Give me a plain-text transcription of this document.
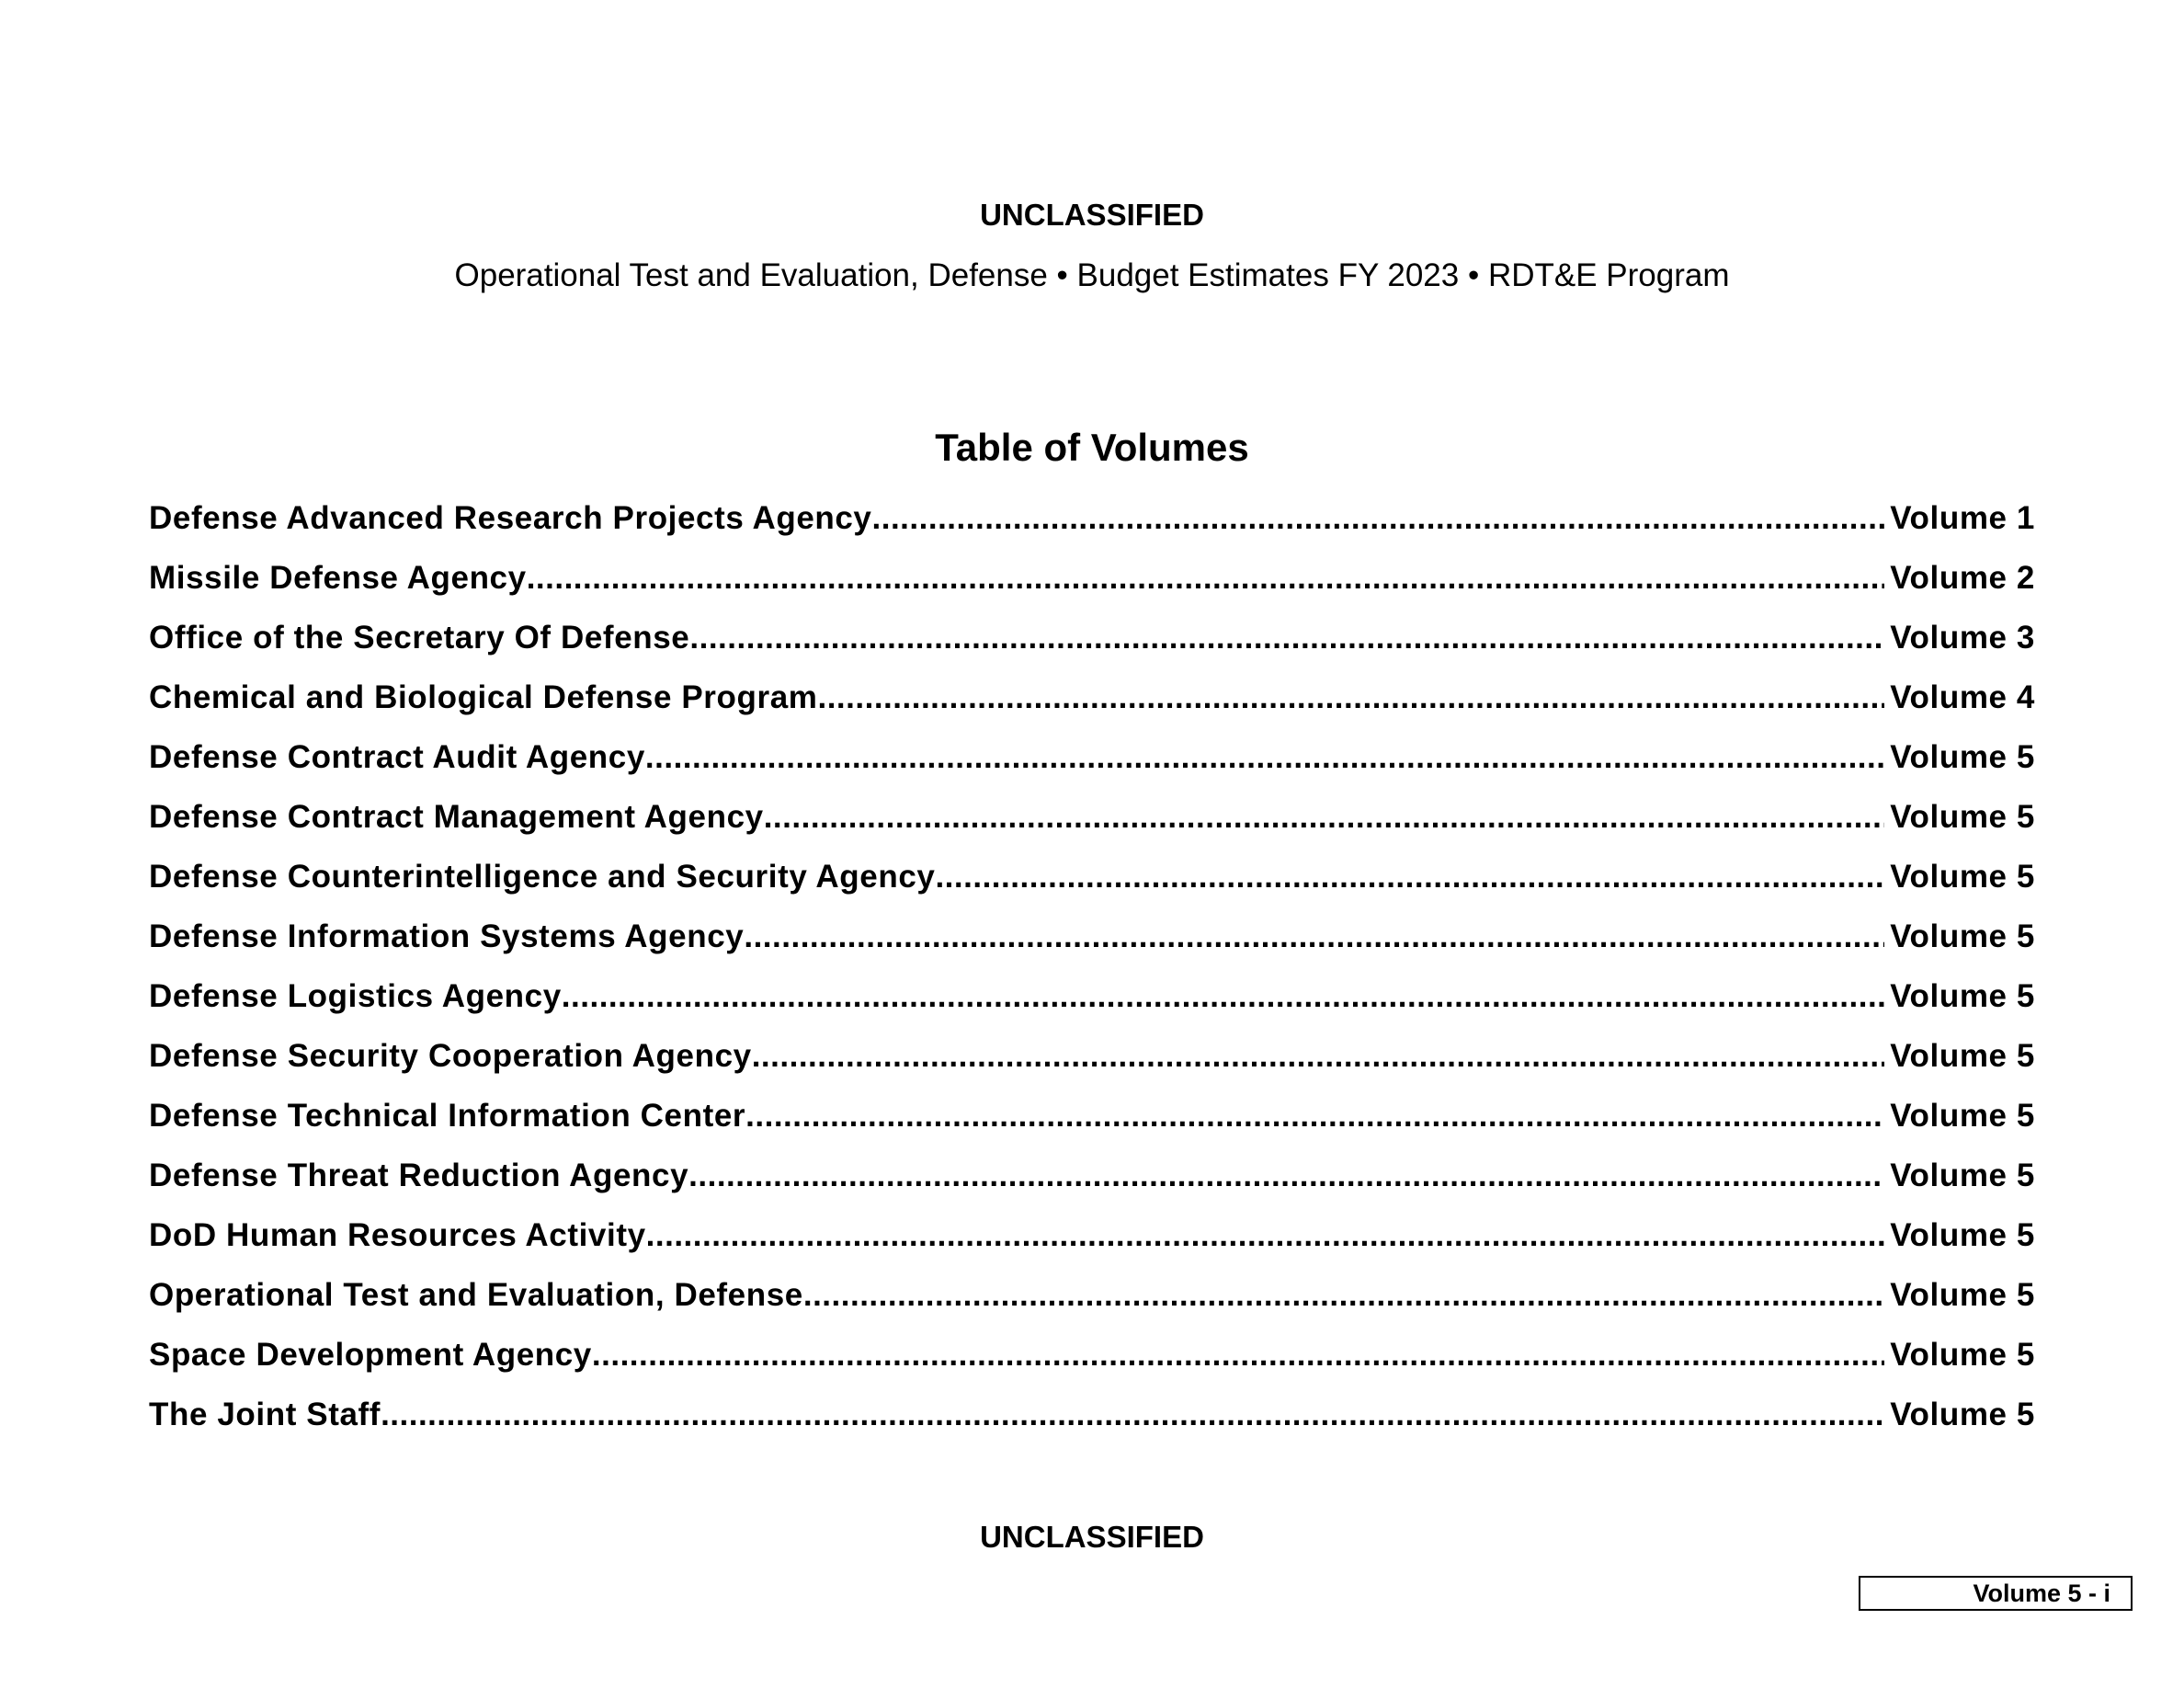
UNCLASSIFIED
Operational Test and Evaluation, Defense • Budget Estimates FY 2023 • RDT&E Program
Table of Volumes
Defense Advanced Research Projects Agency .....	Volume 1
Missile Defense Agency .....	Volume 2
Office of the Secretary Of Defense .....	Volume 3
Chemical and Biological Defense Program .....	Volume 4
Defense Contract Audit Agency .....	Volume 5
Defense Contract Management Agency .....	Volume 5
Defense Counterintelligence and Security Agency .....	Volume 5
Defense Information Systems Agency .....	Volume 5
Defense Logistics Agency .....	Volume 5
Defense Security Cooperation Agency .....	Volume 5
Defense Technical Information Center .....	Volume 5
Defense Threat Reduction Agency .....	Volume 5
DoD Human Resources Activity .....	Volume 5
Operational Test and Evaluation, Defense .....	Volume 5
Space Development Agency .....	Volume 5
The Joint Staff .....	Volume 5
UNCLASSIFIED
Volume 5 - i
